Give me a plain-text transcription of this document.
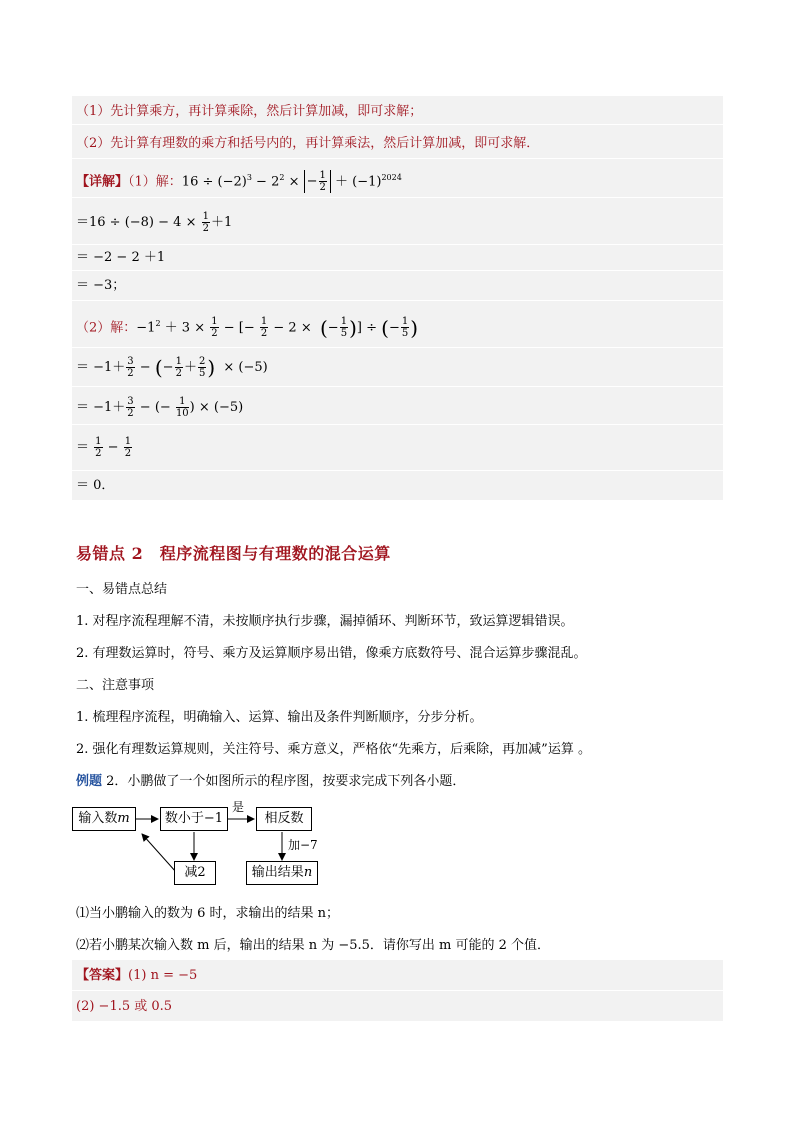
（1）先计算乘方，再计算乘除，然后计算加减，即可求解；
（2）先计算有理数的乘方和括号内的，再计算乘法，然后计算加减，即可求解．
【详解】（1）解：$16 \div (-2)^3 - 2^2$ × − $\frac{1}{2} + (-1)^{2024}$
$=16 \div (-8) - 4 \times \frac{1}{2} +1$
＝ −2 − 2 ＋1
＝ −3；
（2）解：$-1^2 + 3 \times \frac{1}{2}$ − [− $\frac{1}{2} - 2$ ×  (− $\frac{1}{5}$ )] ÷ (− $\frac{1}{5}$ )
＝ $-1+ \frac{3}{2}$ − (− $\frac{1}{2} + \frac{2}{5}$ ) × (−5)
＝ $-1+ \frac{3}{2}$ − (− $\frac{1}{10}$ ) × (−5)
＝ $\frac{1}{2} - \frac{1}{2}$
＝ 0．
易错点 2　程序流程图与有理数的混合运算
一、易错点总结
1. 对程序流程理解不清，未按顺序执行步骤，漏掉循环、判断环节，致运算逻辑错误。
2. 有理数运算时，符号、乘方及运算顺序易出错，像乘方底数符号、混合运算步骤混乱。
二、注意事项
1. 梳理程序流程，明确输入、运算、输出及条件判断顺序，分步分析。
2. 强化有理数运算规则，关注符号、乘方意义，严格依“先乘方，后乘除，再加减”运算 。
例题 2．小鹏做了一个如图所示的程序图，按要求完成下列各小题．
输入数m	数小于−1
是
相反数
加−7
减2	输出结果n
⑴当小鹏输入的数为 6 时，求输出的结果 n；
⑵若小鹏某次输入数 m 后，输出的结果 n 为 −5.5．请你写出 m 可能的 2 个值．
【答案】(1) n = −5
(2) −1.5 或 0.5
